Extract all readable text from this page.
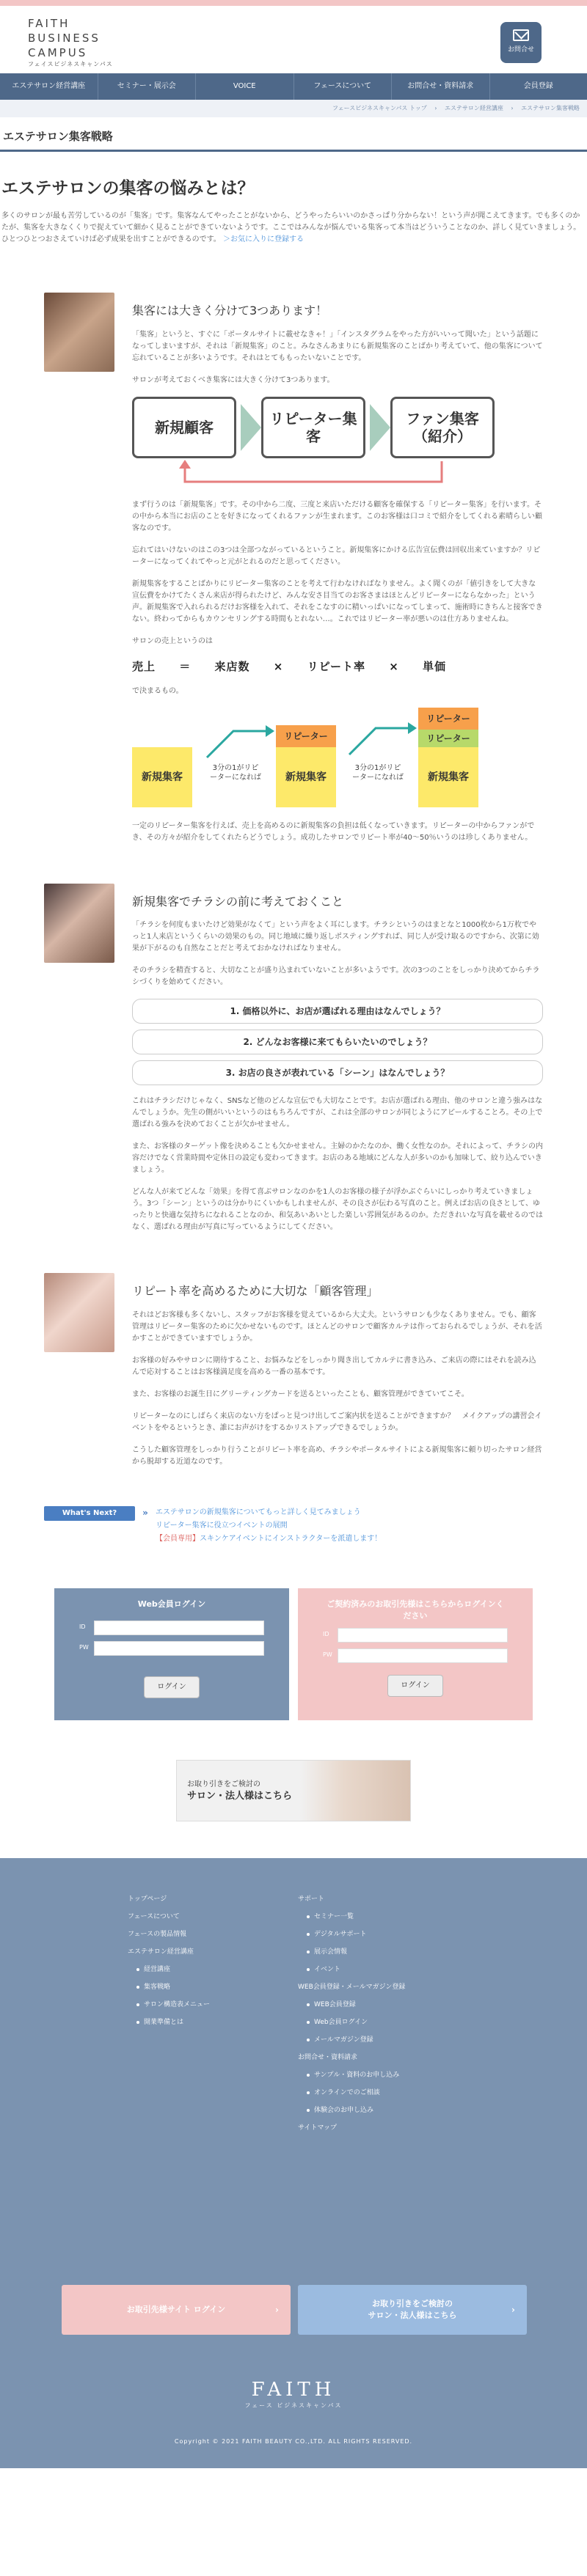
FAITH
BUSINESS
CAMPUS
フェイスビジネスキャンパス
お問合せ
エステサロン経営講座	セミナー・展示会	VOICE	フェースについて	お問合せ・資料請求	会員登録
フェースビジネスキャンパス トップ › エステサロン経営講座 › エステサロン集客戦略
エステサロン集客戦略
エステサロンの集客の悩みとは？
多くのサロンが最も苦労しているのが「集客」です。集客なんてやったことがないから、どうやったらいいのかさっぱり分からない！という声が聞こえてきます。でも多くのかたが、集客を大きなくくりで捉えていて細かく見ることができていないようです。ここではみんなが悩んでいる集客って本当はどういうことなのか、詳しく見ていきましょう。ひとつひとつおさえていけば必ず成果を出すことができるのです。 ＞お気に入りに登録する
集客には大きく分けて3つあります！

「集客」というと、すぐに「ポータルサイトに載せなきゃ！」「インスタグラムをやった方がいいって聞いた」という話題になってしまいますが、それは「新規集客」のこと。みなさんあまりにも新規集客のことばかり考えていて、他の集客について忘れていることが多いようです。それはとてももったいないことです。

サロンが考えておくべき集客には大きく分けて3つあります。

新規顧客	リピーター集客
ファン集客（紹介）

まず行うのは「新規集客」です。その中から二度、三度と来店いただける顧客を確保する「リピーター集客」を行います。その中から本当にお店のことを好きになってくれるファンが生まれます。このお客様は口コミで紹介をしてくれる素晴らしい顧客なのです。

忘れてはいけないのはこの3つは全部つながっているということ。新規集客にかける広告宣伝費は回収出来ていますか？リピーターになってくれてやっと元がとれるのだと思ってください。

新規集客をすることばかりにリピーター集客のことを考えて行わなければなりません。よく聞くのが「値引きをして大きな宣伝費をかけてたくさん来店が得られたけど、みんな安さ目当てのお客さまはほとんどリピーターにならなかった」という声。新規集客で入れられるだけお客様を入れて、それをこなすのに精いっぱいになってしまって、施術時にきちんと接客できない。終わってからもカウンセリングする時間もとれない…。これではリピーター率が悪いのは仕方ありませんね。

サロンの売上というのは

売上 ＝ 来店数 × リピート率 × 単価

で決まるもの。

新規集客
3分の1がリピーターになれば
リピーター
新規集客
3分の1がリピーターになれば
リピーター
リピーター
新規集客

一定のリピーター集客を行えば、売上を高めるのに新規集客の負担は低くなっていきます。リピーターの中からファンができ、その方々が紹介をしてくれたらどうでしょう。成功したサロンでリピート率が40〜50％いうのは珍しくありません。

新規集客でチラシの前に考えておくこと

「チラシを何度もまいたけど効果がなくて」という声をよく耳にします。チラシというのはまとなと1000枚から1万枚でやっと1人来店というくらいの効果のもの。同じ地域に繰り返しポスティングすれば、同じ人が受け取るのですから、次第に効果が下がるのも自然なことだと考えておかなければなりません。

そのチラシを精査すると、大切なことが盛り込まれていないことが多いようです。次の3つのことをしっかり決めてからチラシづくりを始めてください。

1. 価格以外に、お店が選ばれる理由はなんでしょう？
2. どんなお客様に来てもらいたいのでしょう？
3. お店の良さが表れている「シーン」はなんでしょう？

これはチラシだけじゃなく、SNSなど他のどんな宣伝でも大切なことです。お店が選ばれる理由、他のサロンと違う強みはなんでしょうか。先生の側がいいというのはもちろんですが、これは全部のサロンが同じようにアピールすることろ。その上で選ばれる強みを決めておくことが欠かせません。

また、お客様のターゲット像を決めることも欠かせません。主婦のかたなのか、働く女性なのか。それによって、チラシの内容だけでなく営業時間や定休日の設定も変わってきます。お店のある地域にどんな人が多いのかも加味して、絞り込んでいきましょう。

どんな人が来てどんな「効果」を得て喜ぶサロンなのかを1人のお客様の様子が浮かぶぐらいにしっかり考えていきましょう。3つ「シーン」というのは分かりにくいかもしれませんが、その良さが伝わる写真のこと。例えばお店の良さとして、ゆったりと快適な気持ちになれることなのか、和気あいあいとした楽しい雰囲気があるのか。ただきれいな写真を載せるのではなく、選ばれる理由が写真に写っているようにしてください。

リピート率を高めるために大切な「顧客管理」

それはどお客様も多くないし、スタッフがお客様を覚えているから大丈夫。というサロンも少なくありません。でも、顧客管理はリピーター集客のために欠かせないものです。ほとんどのサロンで顧客カルテは作っておられるでしょうが、それを活かすことができていますでしょうか。

お客様の好みやサロンに期待すること、お悩みなどをしっかり聞き出してカルテに書き込み、ご来店の際にはそれを読み込んで応対することはお客様満足度を高める一番の基本です。

また、お客様のお誕生日にグリーティングカードを送るといったことも、顧客管理ができていてこそ。

リピーターなのにしばらく来店のない方をぱっと見つけ出してご案内状を送ることができますか？　メイクアップの講習会イベントをやるというとき、誰にお声がけをするかリストアップできるでしょうか。

こうした顧客管理をしっかり行うことがリピート率を高め、チラシやポータルサイトによる新規集客に頼り切ったサロン経営から脱却する近道なのです。

What's Next?	»	エステサロンの新規集客についてもっと詳しく見てみましょう
リピーター集客に役立つイベントの展開
【会員専用】スキンケアイベントにインストラクターを派遣します！
Web会員ログイン
ID
PW
ログイン
ご契約済みのお取引先様はこちらからログインください
ID
PW
ログイン
お取り引きをご検討の
サロン・法人様はこちら
トップページ
フェースについて
フェースの製品情報
エステサロン経営講座
経営講座
集客戦略
サロン構造表メニュー
開業準備とは
サポート
セミナー一覧
デジタルサポート
展示会情報
イベント
WEB会員登録・メールマガジン登録
WEB会員登録
Web会員ログイン
メールマガジン登録
お問合せ・資料請求
サンプル・資料のお申し込み
オンラインでのご相談
体験会のお申し込み
サイトマップ
お取引先様サイト ログイン	›
お取り引きをご検討の
サロン・法人様はこちら
›
FAITH
フェース ビジネスキャンパス
Copyright © 2021 FAITH BEAUTY CO.,LTD. ALL RIGHTS RESERVED.
